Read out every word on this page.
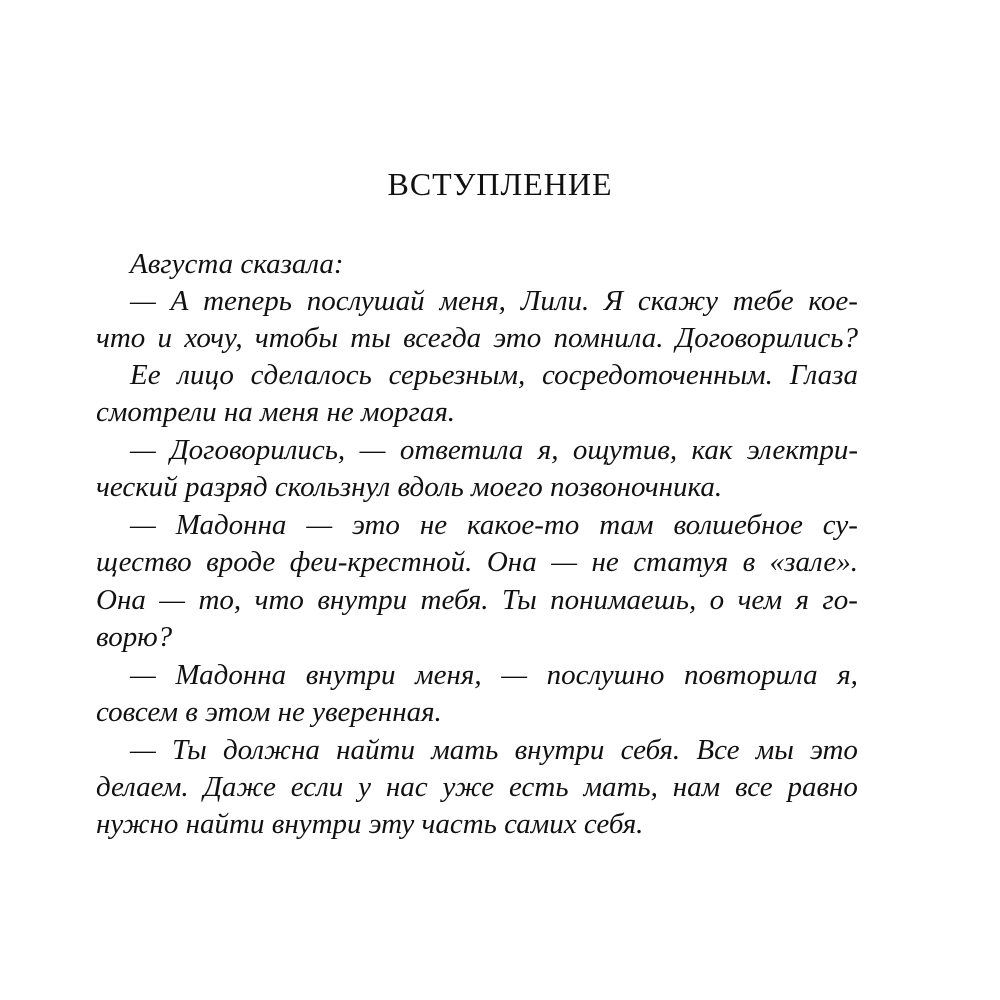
ВСТУПЛЕНИЕ
Августа сказала:
— А теперь послушай меня, Лили. Я скажу тебе кое-
что и хочу, чтобы ты всегда это помнила. Договорились?
Ее лицо сделалось серьезным, сосредоточенным. Глаза
смотрели на меня не моргая.
— Договорились, — ответила я, ощутив, как электри-
ческий разряд скользнул вдоль моего позвоночника.
— Мадонна — это не какое-то там волшебное су-
щество вроде феи-крестной. Она — не статуя в «зале».
Она — то, что внутри тебя. Ты понимаешь, о чем я го-
ворю?
— Мадонна внутри меня, — послушно повторила я,
совсем в этом не уверенная.
— Ты должна найти мать внутри себя. Все мы это
делаем. Даже если у нас уже есть мать, нам все равно
нужно найти внутри эту часть самих себя.
